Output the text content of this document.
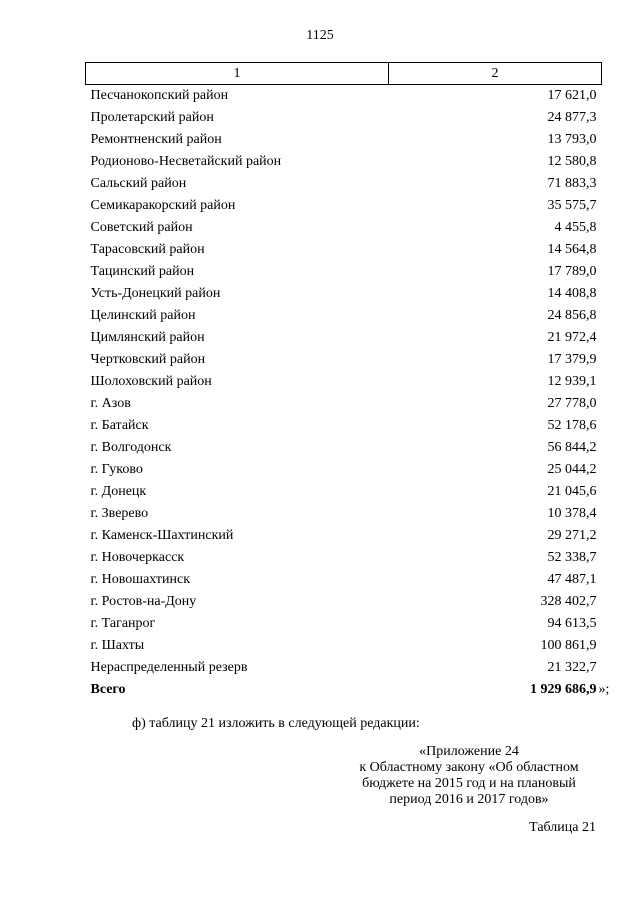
1125
1	2
Песчанокопский район	17 621,0
Пролетарский район	24 877,3
Ремонтненский район	13 793,0
Родионово-Несветайский район	12 580,8
Сальский район	71 883,3
Семикаракорский район	35 575,7
Советский район	4 455,8
Тарасовский район	14 564,8
Тацинский район	17 789,0
Усть-Донецкий район	14 408,8
Целинский район	24 856,8
Цимлянский район	21 972,4
Чертковский район	17 379,9
Шолоховский район	12 939,1
г. Азов	27 778,0
г. Батайск	52 178,6
г. Волгодонск	56 844,2
г. Гуково	25 044,2
г. Донецк	21 045,6
г. Зверево	10 378,4
г. Каменск-Шахтинский	29 271,2
г. Новочеркасск	52 338,7
г. Новошахтинск	47 487,1
г. Ростов-на-Дону	328 402,7
г. Таганрог	94 613,5
г. Шахты	100 861,9
Нераспределенный резерв	21 322,7
Всего	1 929 686,9 »;
ф) таблицу 21 изложить в следующей редакции:
«Приложение 24
к Областному закону «Об областном
бюджете на 2015 год и на плановый
период 2016 и 2017 годов»
Таблица 21
